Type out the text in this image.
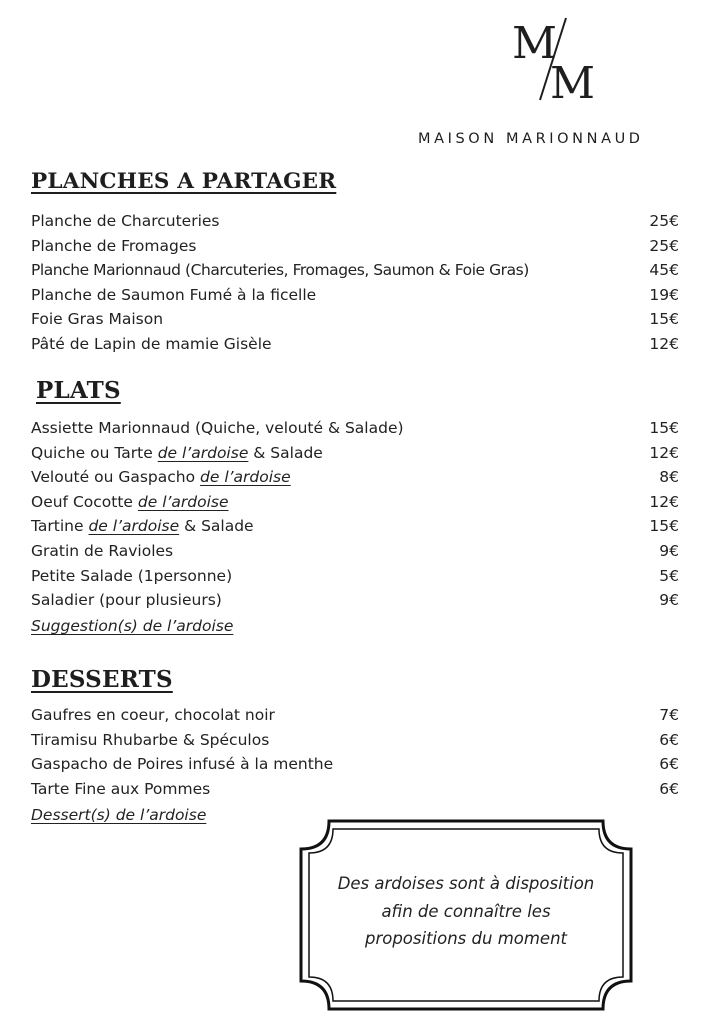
M
M
MAISON MARIONNAUD
PLANCHES A PARTAGER
Planche de Charcuteries	25€
Planche de Fromages	25€
Planche Marionnaud (Charcuteries, Fromages, Saumon & Foie Gras)	45€
Planche de Saumon Fumé à la ficelle	19€
Foie Gras Maison	15€
Pâté de Lapin de mamie Gisèle	12€
PLATS
Assiette Marionnaud (Quiche, velouté & Salade)	15€
Quiche ou Tarte de l’ardoise & Salade	12€
Velouté ou Gaspacho de l’ardoise	8€
Oeuf Cocotte de l’ardoise	12€
Tartine de l’ardoise & Salade	15€
Gratin de Ravioles	9€
Petite Salade (1personne)	5€
Saladier (pour plusieurs)	9€
Suggestion(s) de l’ardoise
DESSERTS
Gaufres en coeur, chocolat noir	7€
Tiramisu Rhubarbe & Spéculos	6€
Gaspacho de Poires infusé à la menthe	6€
Tarte Fine aux Pommes	6€
Dessert(s) de l’ardoise
Des ardoises sont à disposition
afin de connaître les
propositions du moment
